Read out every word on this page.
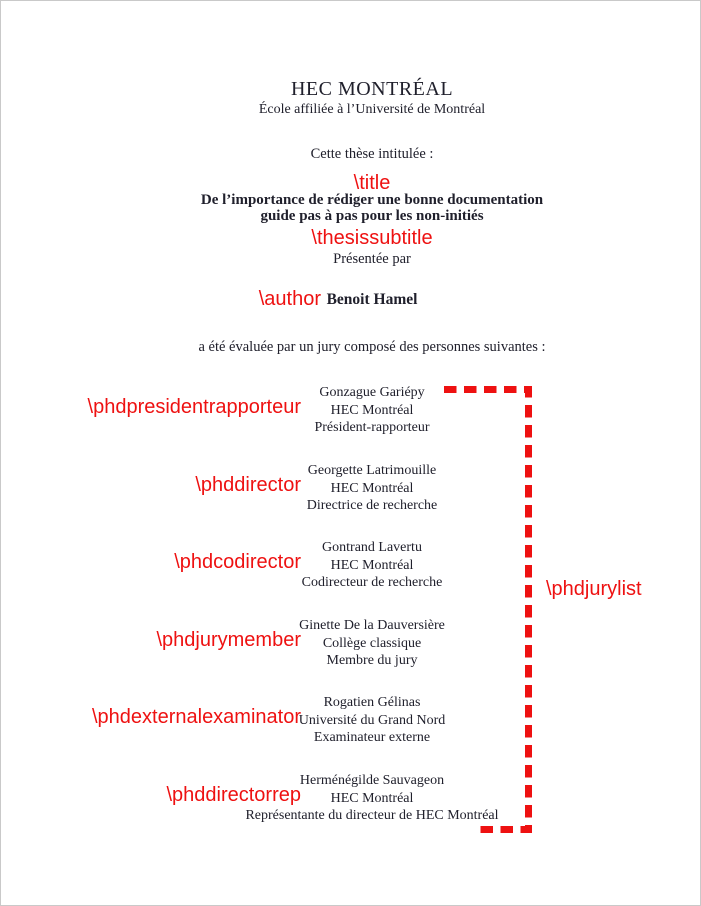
HEC MONTRÉAL
École affiliée à l’Université de Montréal
Cette thèse intitulée :
\title
De l’importance de rédiger une bonne documentation
guide pas à pas pour les non-initiés
\thesissubtitle
Présentée par
\author Benoit Hamel
a été évaluée par un jury composé des personnes suivantes :
\phdpresidentrapporteur
Gonzague Gariépy
HEC Montréal
Président-rapporteur
\phddirector
Georgette Latrimouille
HEC Montréal
Directrice de recherche
\phdcodirector
Gontrand Lavertu
HEC Montréal
Codirecteur de recherche
\phdjurymember
Ginette De la Dauversière
Collège classique
Membre du jury
\phdexternalexaminator
Rogatien Gélinas
Université du Grand Nord
Examinateur externe
\phddirectorrep
Herménégilde Sauvageon
HEC Montréal
Représentante du directeur de HEC Montréal
\phdjurylist
